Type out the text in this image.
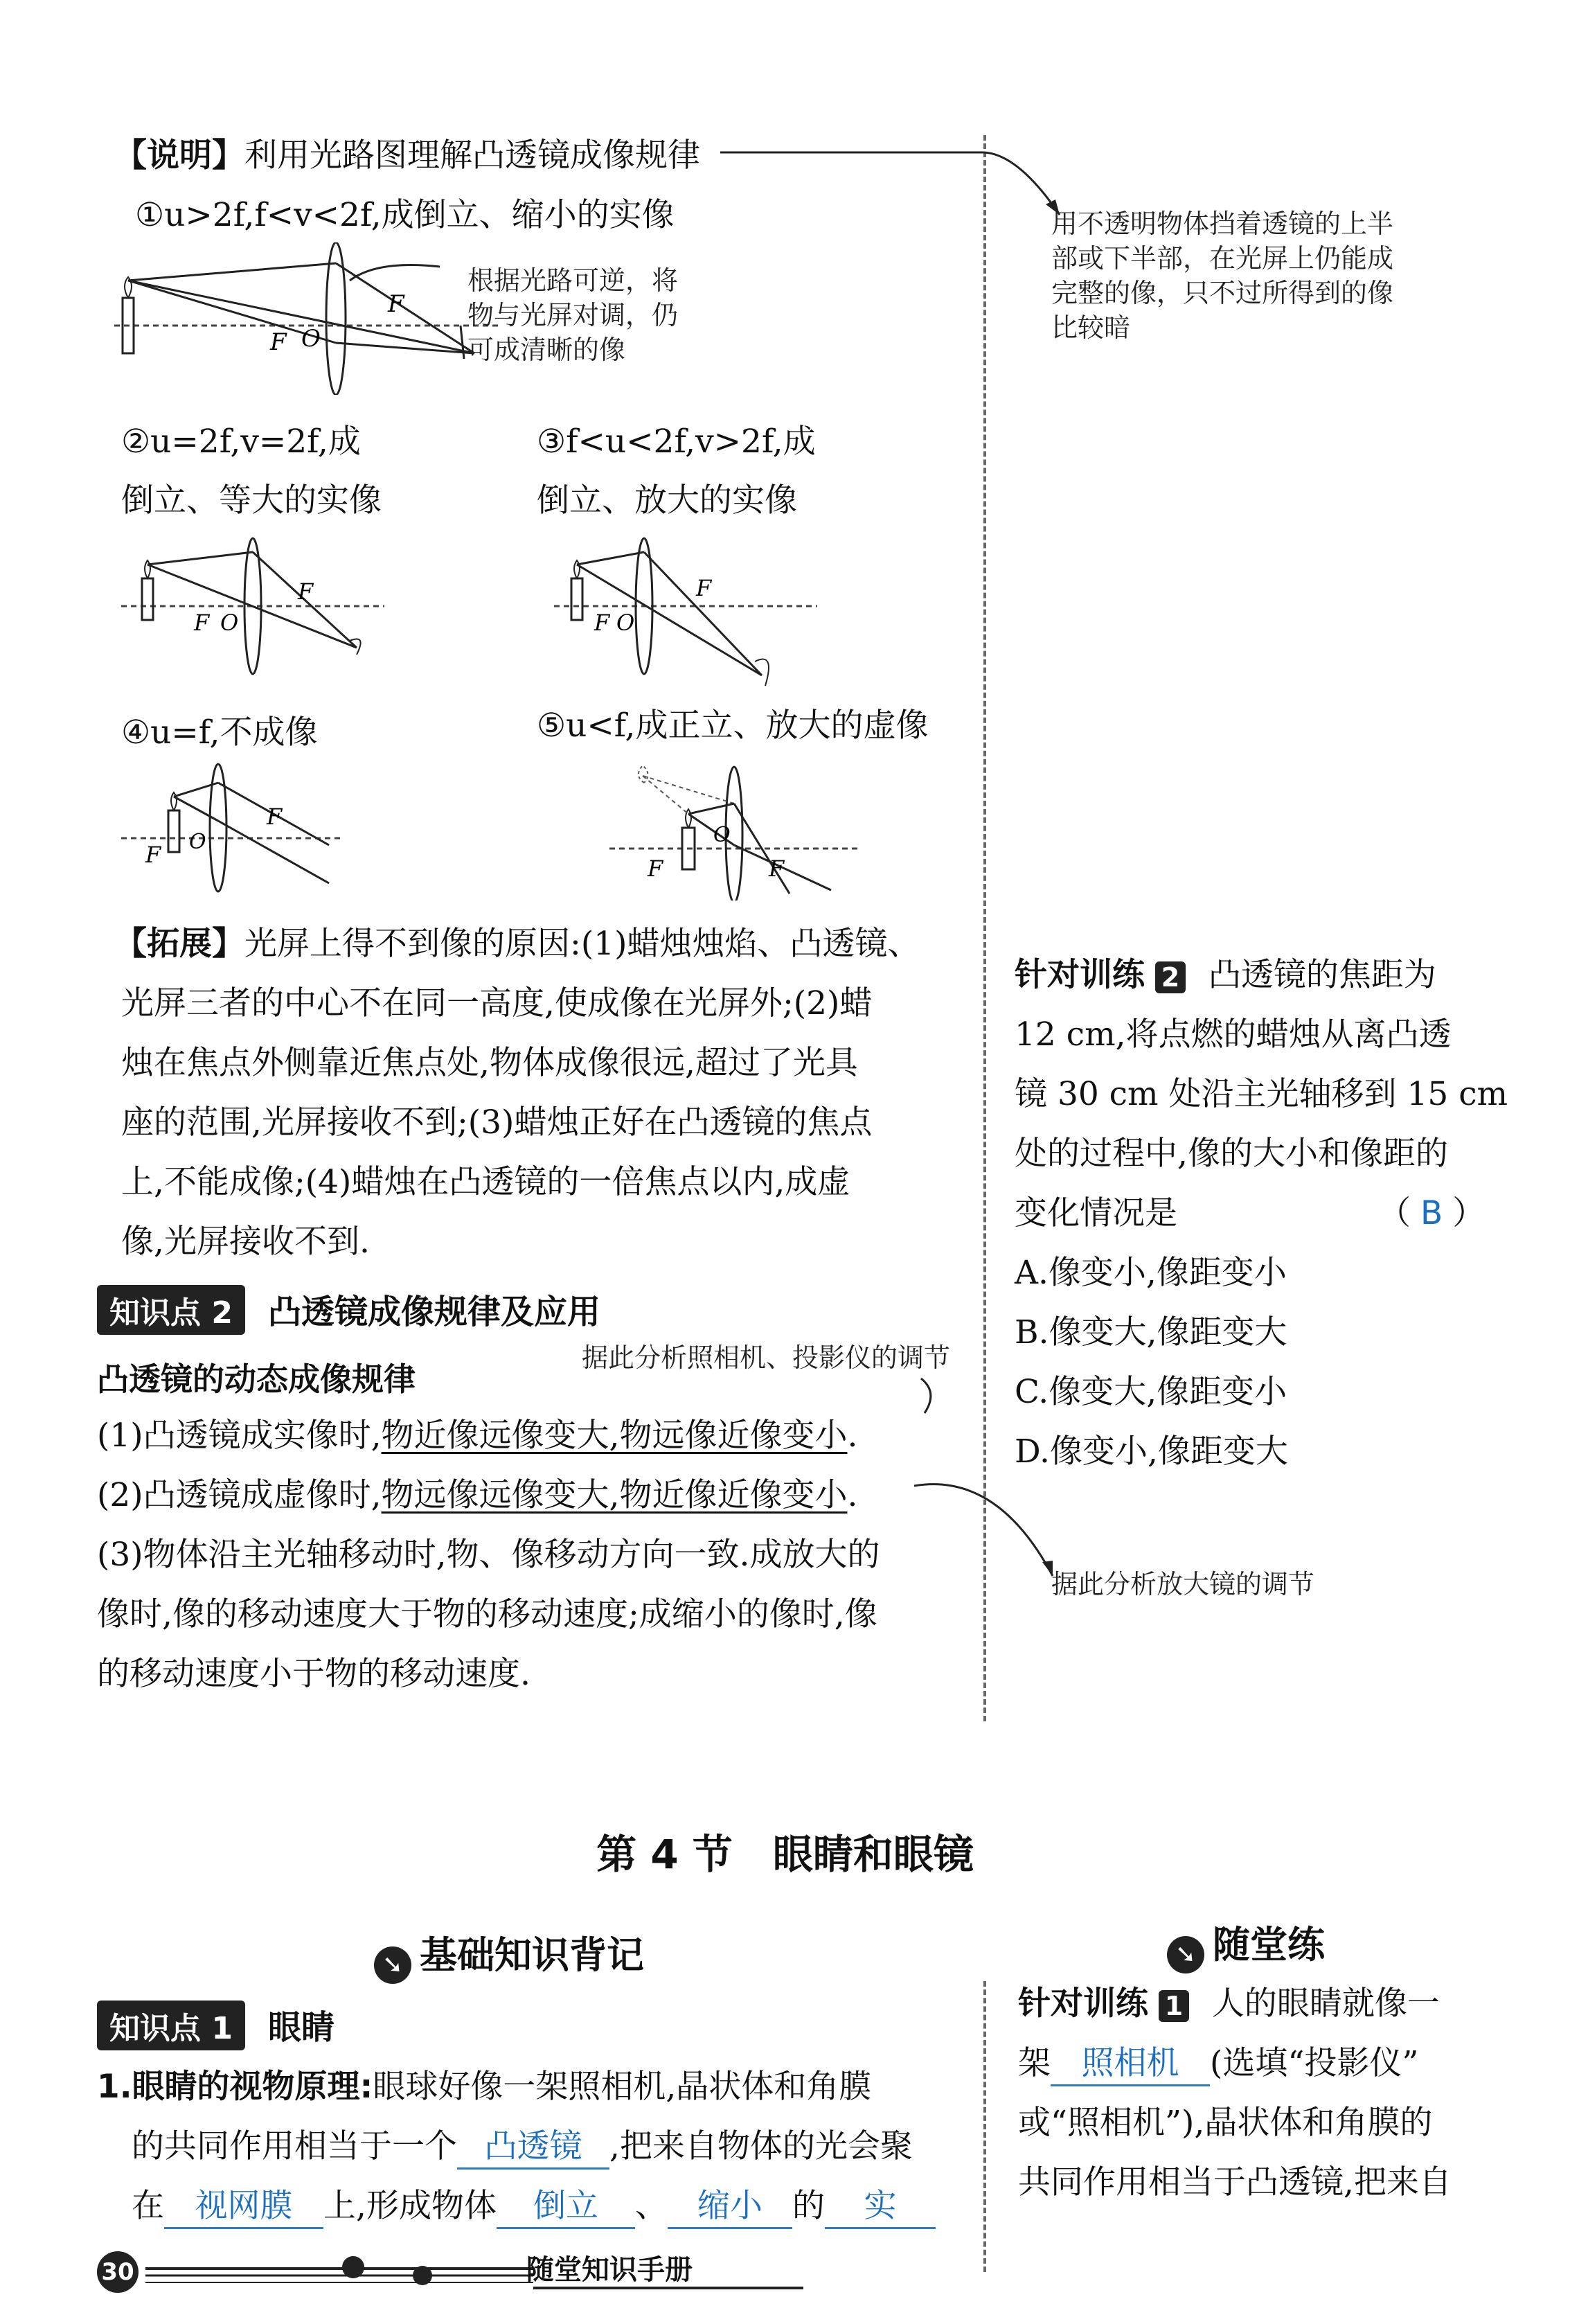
【说明】利用光路图理解凸透镜成像规律
用不透明物体挡着透镜的上半
部或下半部，在光屏上仍能成
完整的像，只不过所得到的像
比较暗
①u>2f,f<v<2f,成倒立、缩小的实像
F O
F
根据光路可逆，将
物与光屏对调，仍
可成清晰的像
②u=2f,v=2f,成
倒立、等大的实像
③f<u<2f,v>2f,成
倒立、放大的实像
F O
F
F O
F
④u=f,不成像	⑤u<f,成正立、放大的虚像
F O
F
F
O
F
【拓展】光屏上得不到像的原因:(1)蜡烛烛焰、凸透镜、
光屏三者的中心不在同一高度,使成像在光屏外;(2)蜡
烛在焦点外侧靠近焦点处,物体成像很远,超过了光具
座的范围,光屏接收不到;(3)蜡烛正好在凸透镜的焦点
上,不能成像;(4)蜡烛在凸透镜的一倍焦点以内,成虚
像,光屏接收不到.
知识点 2 凸透镜成像规律及应用
凸透镜的动态成像规律
据此分析照相机、投影仪的调节
(1)凸透镜成实像时,物近像远像变大,物远像近像变小.
(2)凸透镜成虚像时,物远像远像变大,物近像近像变小.
据此分析放大镜的调节
(3)物体沿主光轴移动时,物、像移动方向一致.成放大的
像时,像的移动速度大于物的移动速度;成缩小的像时,像
的移动速度小于物的移动速度.
针对训练 2 凸透镜的焦距为
12 cm,将点燃的蜡烛从离凸透
镜 30 cm 处沿主光轴移到 15 cm
处的过程中,像的大小和像距的
变化情况是	（ B ）
A.像变小,像距变小
B.像变大,像距变大
C.像变大,像距变小
D.像变小,像距变大
第 4 节　眼睛和眼镜
➘ 基础知识背记	➘ 随堂练
知识点 1 眼睛
1.眼睛的视物原理:眼球好像一架照相机,晶状体和角膜
的共同作用相当于一个 凸透镜 ,把来自物体的光会聚
在 视网膜 上,形成物体 倒立 、 缩小 的 实
针对训练 1 人的眼睛就像一
架 照相机 (选填“投影仪”
或“照相机”),晶状体和角膜的
共同作用相当于凸透镜,把来自
30	随堂知识手册
